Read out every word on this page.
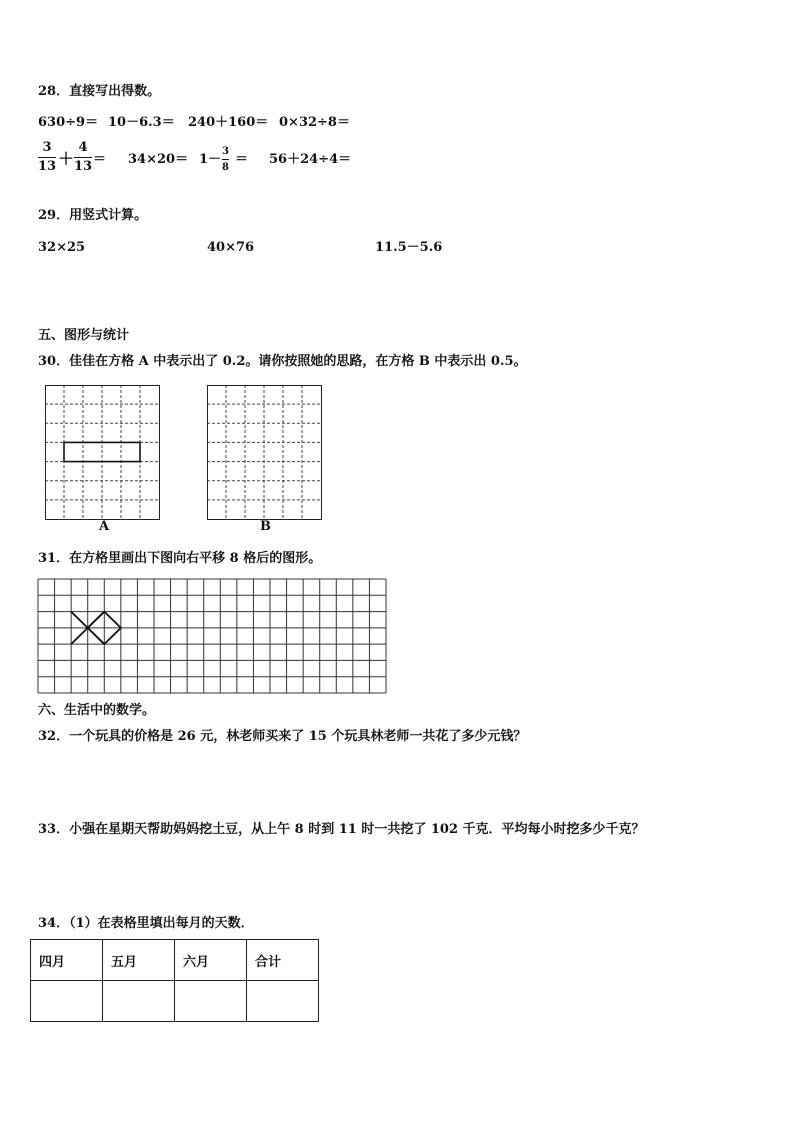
28．直接写出得数。
630÷9＝ 10－6.3＝ 240＋160＝ 0×32÷8＝
3
13 ＋
4
13 ＝ 34×20＝ 1－
3
8
＝ 56＋24÷4＝
29．用竖式计算。
32×25	40×76	11.5－5.6
五、图形与统计
30．佳佳在方格 A 中表示出了 0.2。请你按照她的思路，在方格 B 中表示出 0.5。
A	B
31．在方格里画出下图向右平移 8 格后的图形。
六、生活中的数学。
32．一个玩具的价格是 26 元，林老师买来了 15 个玩具林老师一共花了多少元钱？
33．小强在星期天帮助妈妈挖土豆，从上午 8 时到 11 时一共挖了 102 千克．平均每小时挖多少千克？
34．（1）在表格里填出每月的天数．
四月	五月	六月	合计
